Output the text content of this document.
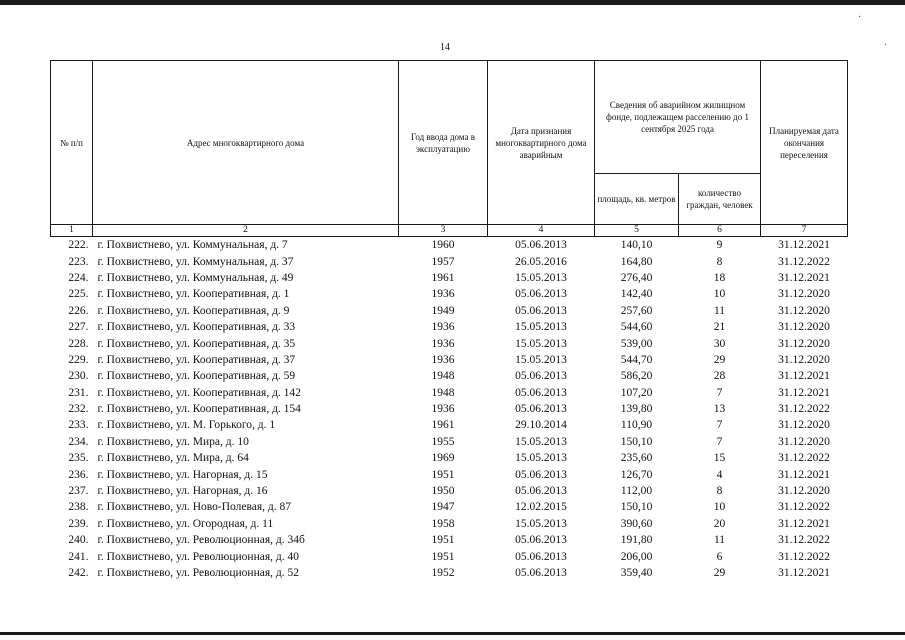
14
·
·
№ п/п	Адрес многоквартирного дома	Год ввода дома в эксплуатацию	Дата признания многоквартирного дома аварийным	Сведения об аварийном жилищном фонде, подлежащем расселению до 1 сентября 2025 года		Планируемая дата окончания переселения
				площадь, кв. метров	количество граждан, человек	
1	2	3	4	5	6	7
222.	г. Похвистнево, ул. Коммунальная, д. 7	1960	05.06.2013	140,10	9	31.12.2021
223.	г. Похвистнево, ул. Коммунальная, д. 37	1957	26.05.2016	164,80	8	31.12.2022
224.	г. Похвистнево, ул. Коммунальная, д. 49	1961	15.05.2013	276,40	18	31.12.2021
225.	г. Похвистнево, ул. Кооперативная, д. 1	1936	05.06.2013	142,40	10	31.12.2020
226.	г. Похвистнево, ул. Кооперативная, д. 9	1949	05.06.2013	257,60	11	31.12.2020
227.	г. Похвистнево, ул. Кооперативная, д. 33	1936	15.05.2013	544,60	21	31.12.2020
228.	г. Похвистнево, ул. Кооперативная, д. 35	1936	15.05.2013	539,00	30	31.12.2020
229.	г. Похвистнево, ул. Кооперативная, д. 37	1936	15.05.2013	544,70	29	31.12.2020
230.	г. Похвистнево, ул. Кооперативная, д. 59	1948	05.06.2013	586,20	28	31.12.2021
231.	г. Похвистнево, ул. Кооперативная, д. 142	1948	05.06.2013	107,20	7	31.12.2021
232.	г. Похвистнево, ул. Кооперативная, д. 154	1936	05.06.2013	139,80	13	31.12.2022
233.	г. Похвистнево, ул. М. Горького, д. 1	1961	29.10.2014	110,90	7	31.12.2020
234.	г. Похвистнево, ул. Мира, д. 10	1955	15.05.2013	150,10	7	31.12.2020
235.	г. Похвистнево, ул. Мира, д. 64	1969	15.05.2013	235,60	15	31.12.2022
236.	г. Похвистнево, ул. Нагорная, д. 15	1951	05.06.2013	126,70	4	31.12.2021
237.	г. Похвистнево, ул. Нагорная, д. 16	1950	05.06.2013	112,00	8	31.12.2020
238.	г. Похвистнево, ул. Ново-Полевая, д. 87	1947	12.02.2015	150,10	10	31.12.2022
239.	г. Похвистнево, ул. Огородная, д. 11	1958	15.05.2013	390,60	20	31.12.2021
240.	г. Похвистнево, ул. Революционная, д. 34б	1951	05.06.2013	191,80	11	31.12.2022
241.	г. Похвистнево, ул. Революционная, д. 40	1951	05.06.2013	206,00	6	31.12.2022
242.	г. Похвистнево, ул. Революционная, д. 52	1952	05.06.2013	359,40	29	31.12.2021
